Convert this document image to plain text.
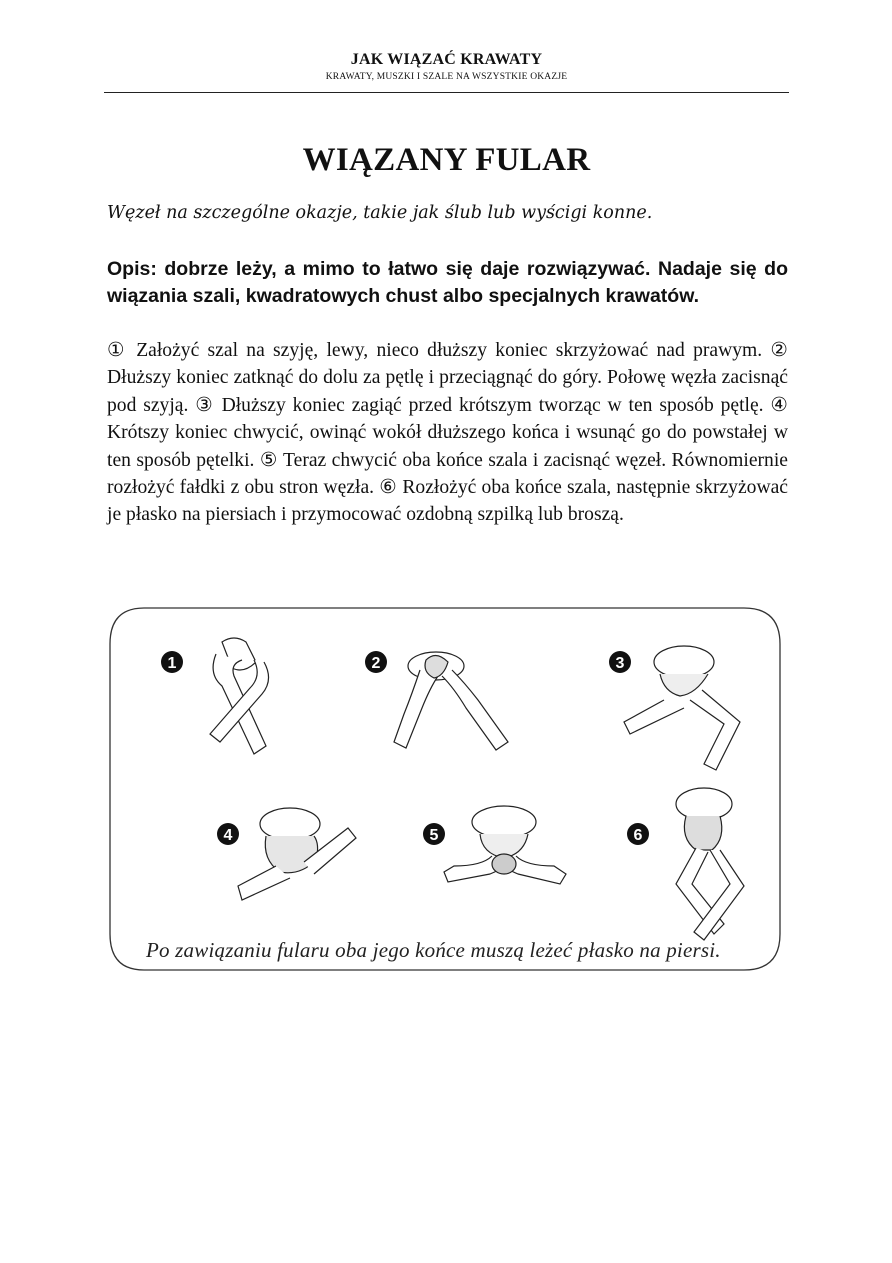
JAK WIĄZAĆ KRAWATY
KRAWATY, MUSZKI I SZALE NA WSZYSTKIE OKAZJE
WIĄZANY FULAR
Węzeł na szczególne okazje, takie jak ślub lub wyścigi konne.
Opis: dobrze leży, a mimo to łatwo się daje rozwiązywać. Nadaje się do wiązania szali, kwadratowych chust albo specjalnych krawatów.
① Założyć szal na szyję, lewy, nieco dłuższy koniec skrzyżować nad prawym. ② Dłuższy koniec zatknąć do dolu za pętlę i przeciągnąć do góry. Połowę węzła zacisnąć pod szyją. ③ Dłuższy koniec zagiąć przed krótszym tworząc w ten sposób pętlę. ④ Krótszy koniec chwycić, owinąć wokół dłuższego końca i wsunąć go do powstałej w ten sposób pętelki. ⑤ Teraz chwycić oba końce szala i zacisnąć węzeł. Równomiernie rozłożyć fałdki z obu stron węzła. ⑥ Rozłożyć oba końce szala, następnie skrzyżować je płasko na piersiach i przymocować ozdobną szpilką lub broszą.
1	2	3
4	5	6
Po zawiązaniu fularu oba jego końce muszą leżeć płasko na piersi.
